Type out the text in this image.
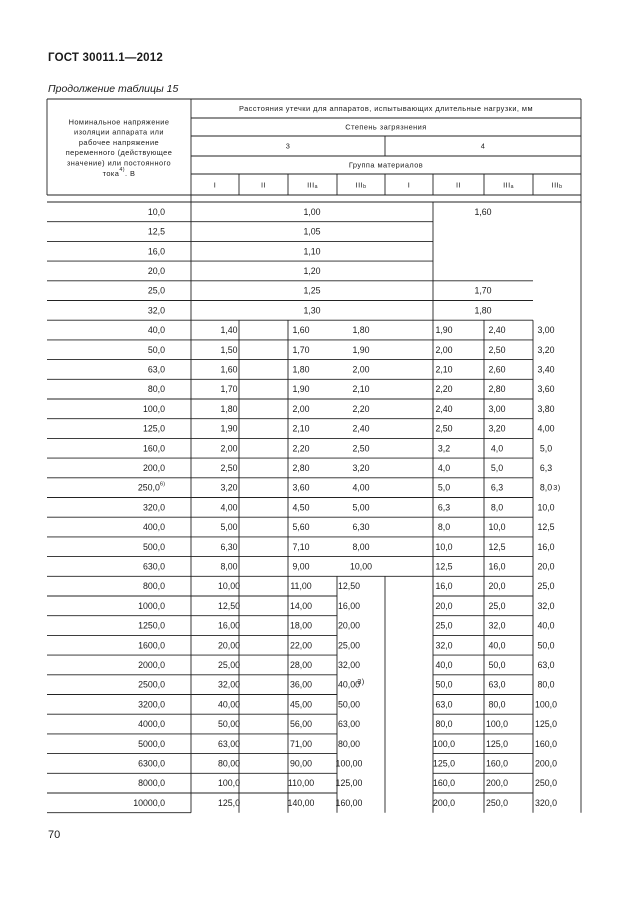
ГОСТ 30011.1—2012
Продолжение таблицы 15
Номинальное напряжение
изоляции аппарата или
рабочее напряжение
переменного (действующее
значение) или постоянного
тока$^{4)}$. В
Расстояния утечки для аппаратов, испытывающих длительные нагрузки, мм
Степень загрязнения
3	4
Группа материалов
I	II	$III_a$	$III_b$	I	II	$III_a$	$III_b$
10,0	1,00	1,60
12,5	1,05
16,0	1,10
20,0	1,20
25,0	1,25	1,70
32,0	1,30	1,80
40,0	1,40	1,60	1,80	1,90	2,40	3,00
50,0	1,50	1,70	1,90	2,00	2,50	3,20
63,0	1,60	1,80	2,00	2,10	2,60	3,40
80,0	1,70	1,90	2,10	2,20	2,80	3,60
100,0	1,80	2,00	2,20	2,40	3,00	3,80
125,0	1,90	2,10	2,40	2,50	3,20	4,00
160,0	2,00	2,20	2,50	3,2	4,0	5,0
200,0	2,50	2,80	3,20	4,0	5,0	6,3
250,0$^{6)}$	3,20	3,60	4,00	5,0	6,3	8,0
320,0	4,00	4,50	5,00	6,3	8,0	10,0
400,0	5,00	5,60	6,30	8,0	10,0	12,5
500,0	6,30	7,10	8,00	10,0	12,5	16,0
630,0	8,00	9,00	10,00	12,5	16,0	20,0
800,0	10,00	11,00	12,50	16,0	20,0	25,0
1000,0	12,50	14,00	16,00	20,0	25,0	32,0
1250,0	16,00	18,00	20,00	25,0	32,0	40,0
1600,0	20,00	22,00	25,00	32,0	40,0	50,0
2000,0	25,00	28,00	32,00	40,0	50,0	63,0
2500,0	32,00	36,00	40,00	50,0	63,0	80,0
3200,0	40,00	45,00	50,00	63,0	80,0	100,0
4000,0	50,00	56,00	63,00	80,0	100,0	125,0
5000,0	63,00	71,00	80,00	100,0	125,0	160,0
6300,0	80,00	90,00	100,00	125,0	160,0	200,0
8000,0	100,0	110,00 125,00	160,0	200,0	250,0
10000,0	125,0	140,00 160,00	200,0	250,0	320,0
3)
3)
70
